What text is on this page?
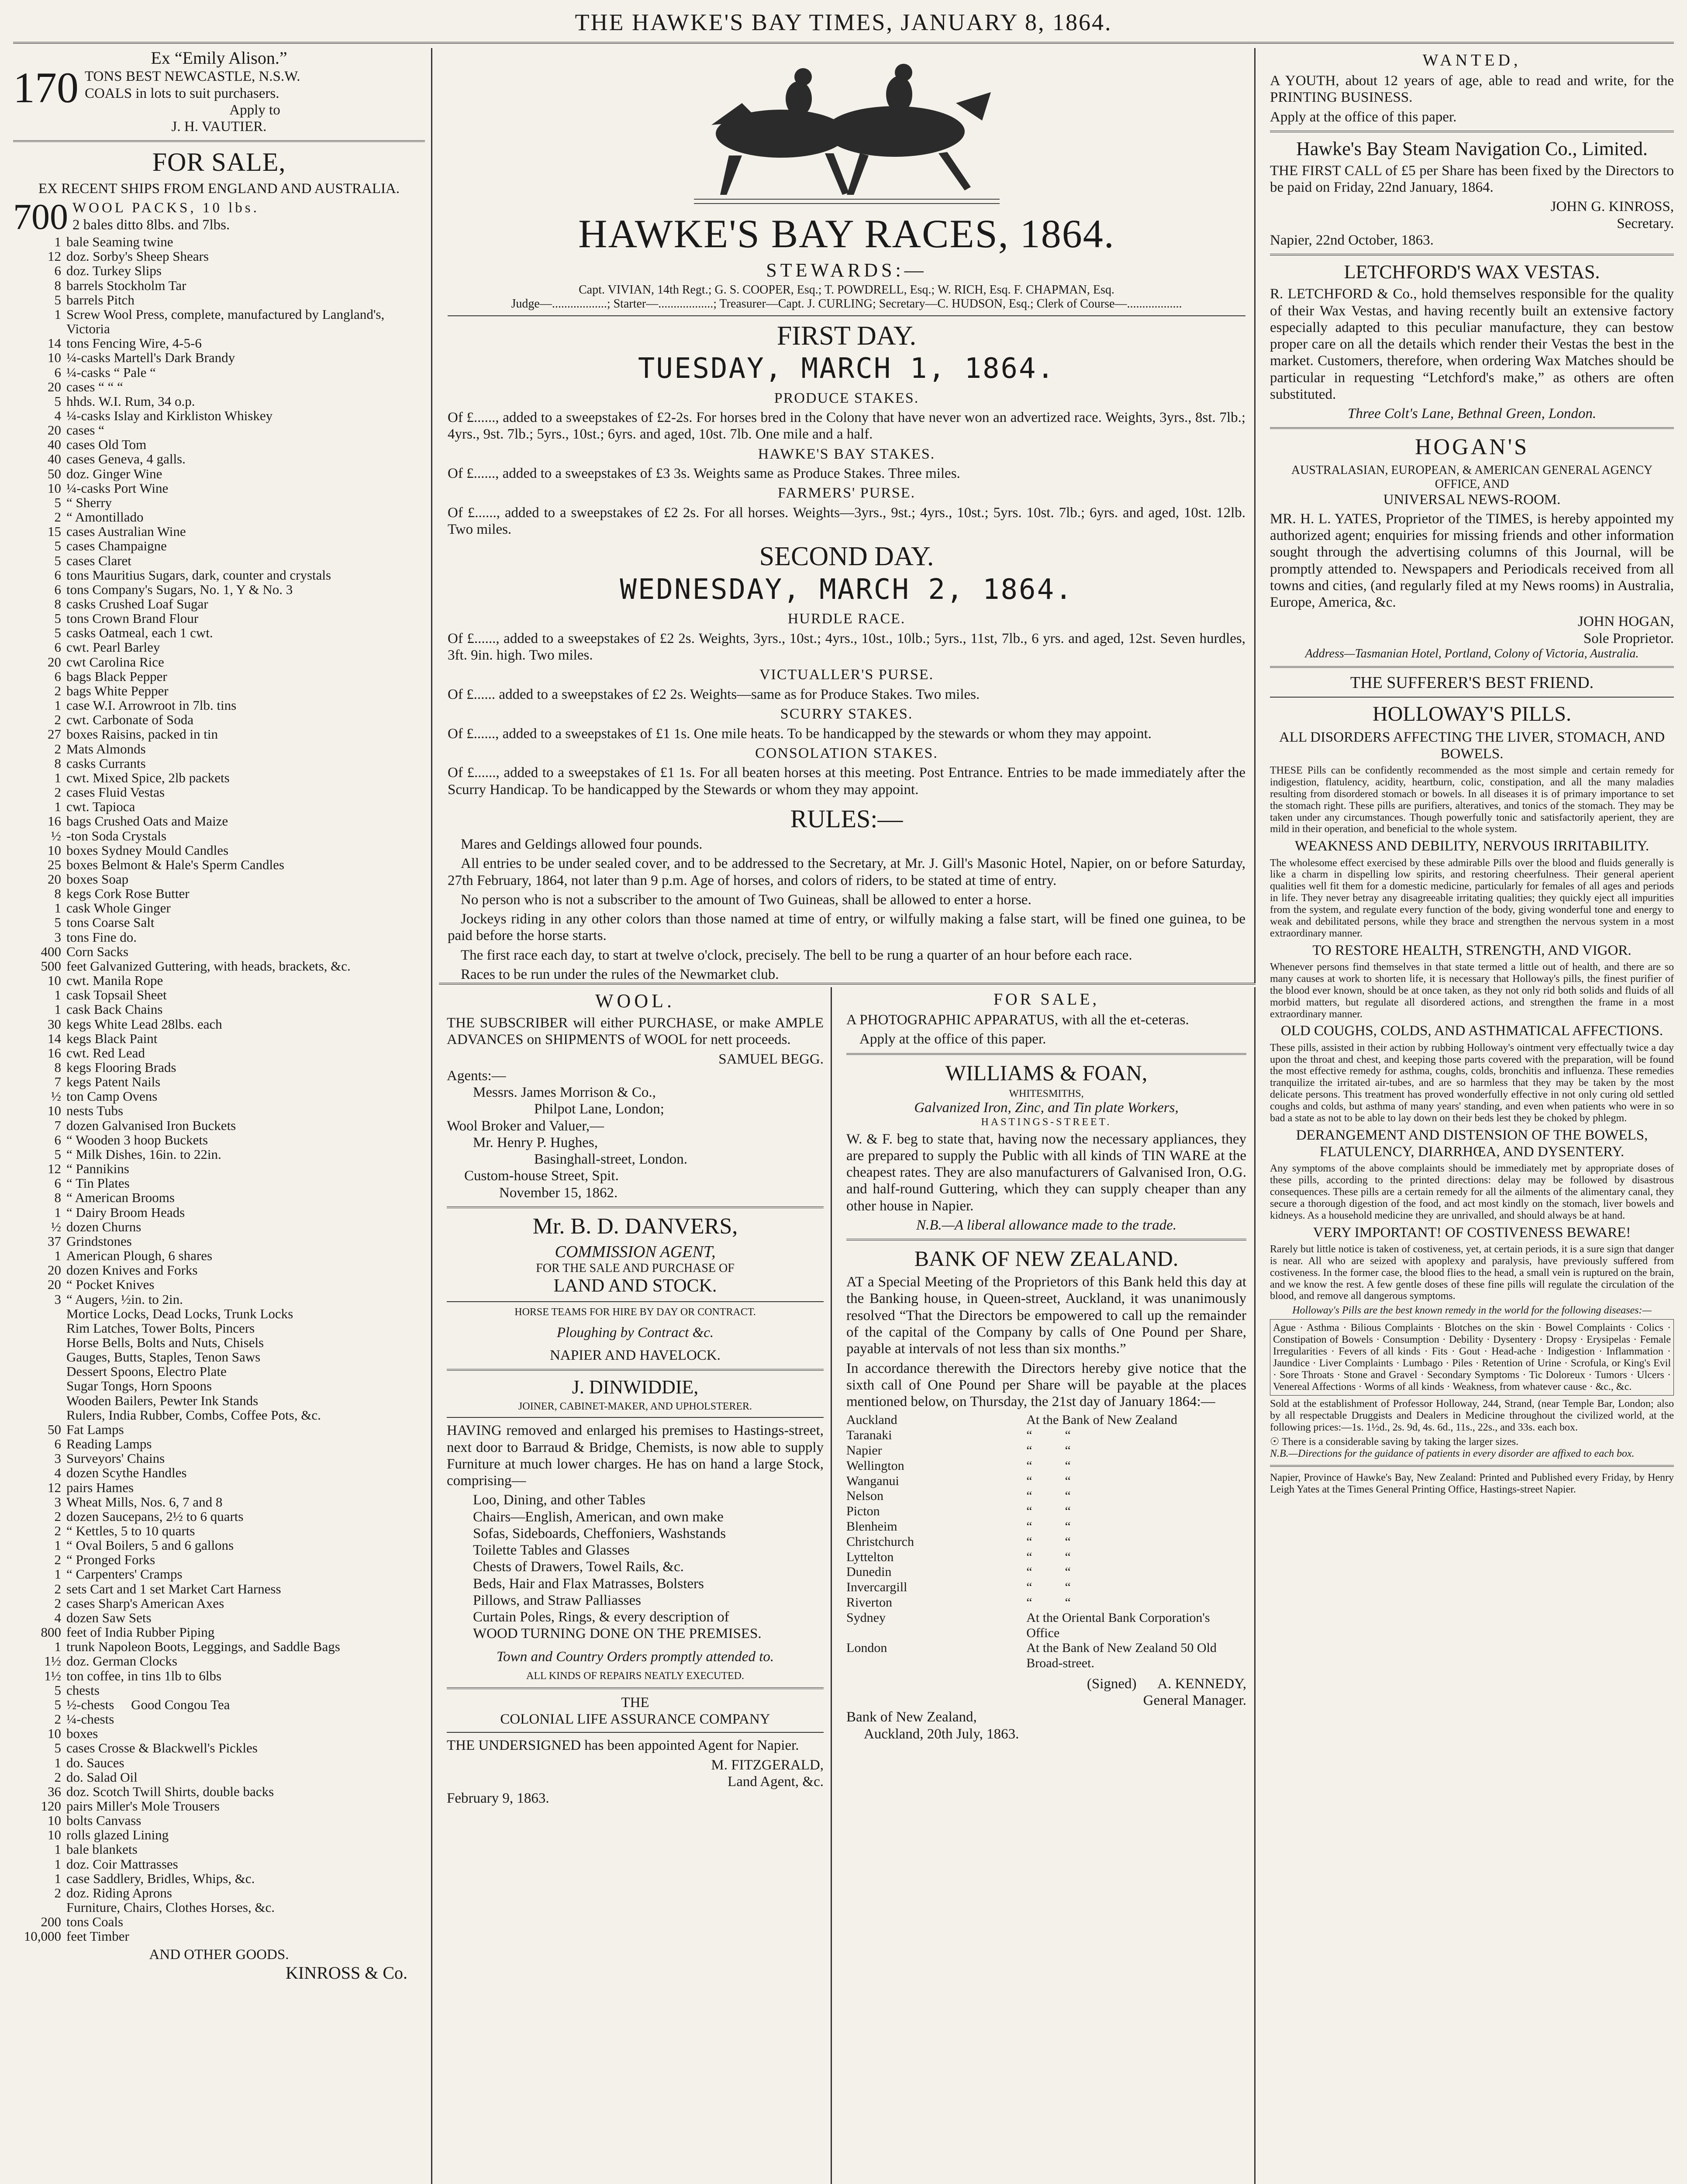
THE HAWKE'S BAY TIMES, JANUARY 8, 1864.
Ex “Emily Alison.”
170 TONS BEST NEWCASTLE, N.S.W.
COALS in lots to suit purchasers.
Apply to
J. H. VAUTIER.
FOR SALE,
EX RECENT SHIPS FROM ENGLAND AND AUSTRALIA.
700 WOOL PACKS, 10 lbs.
2 bales ditto 8lbs. and 7lbs.
1 bale Seaming twine
12 doz. Sorby's Sheep Shears
6 doz. Turkey Slips
8 barrels Stockholm Tar
5 barrels Pitch
1 Screw Wool Press, complete, manufactured by Langland's, Victoria
14 tons Fencing Wire, 4-5-6
10 ¼-casks Martell's Dark Brandy
6 ¼-casks “ Pale “
20 cases “ “ “
5 hhds. W.I. Rum, 34 o.p.
4 ¼-casks Islay and Kirkliston Whiskey
20 cases “
40 cases Old Tom
40 cases Geneva, 4 galls.
50 doz. Ginger Wine
10 ¼-casks Port Wine
5 “ Sherry
2 “ Amontillado
15 cases Australian Wine
5 cases Champaigne
5 cases Claret
6 tons Mauritius Sugars, dark, counter and crystals
6 tons Company's Sugars, No. 1, Y & No. 3
8 casks Crushed Loaf Sugar
5 tons Crown Brand Flour
5 casks Oatmeal, each 1 cwt.
6 cwt. Pearl Barley
20 cwt Carolina Rice
6 bags Black Pepper
2 bags White Pepper
1 case W.I. Arrowroot in 7lb. tins
2 cwt. Carbonate of Soda
27 boxes Raisins, packed in tin
2 Mats Almonds
8 casks Currants
1 cwt. Mixed Spice, 2lb packets
2 cases Fluid Vestas
1 cwt. Tapioca
16 bags Crushed Oats and Maize
½ -ton Soda Crystals
10 boxes Sydney Mould Candles
25 boxes Belmont & Hale's Sperm Candles
20 boxes Soap
8 kegs Cork Rose Butter
1 cask Whole Ginger
5 tons Coarse Salt
3 tons Fine do.
400 Corn Sacks
500 feet Galvanized Guttering, with heads, brackets, &c.
10 cwt. Manila Rope
1 cask Topsail Sheet
1 cask Back Chains
30 kegs White Lead 28lbs. each
14 kegs Black Paint
16 cwt. Red Lead
8 kegs Flooring Brads
7 kegs Patent Nails
½ ton Camp Ovens
10 nests Tubs
7 dozen Galvanised Iron Buckets
6 “ Wooden 3 hoop Buckets
5 “ Milk Dishes, 16in. to 22in.
12 “ Pannikins
6 “ Tin Plates
8 “ American Brooms
1 “ Dairy Broom Heads
½ dozen Churns
37 Grindstones
1 American Plough, 6 shares
20 dozen Knives and Forks
20 “ Pocket Knives
3 “ Augers, ½in. to 2in.
Mortice Locks, Dead Locks, Trunk Locks
Rim Latches, Tower Bolts, Pincers
Horse Bells, Bolts and Nuts, Chisels
Gauges, Butts, Staples, Tenon Saws
Dessert Spoons, Electro Plate
Sugar Tongs, Horn Spoons
Wooden Bailers, Pewter Ink Stands
Rulers, India Rubber, Combs, Coffee Pots, &c.
50 Fat Lamps
6 Reading Lamps
3 Surveyors' Chains
4 dozen Scythe Handles
12 pairs Hames
3 Wheat Mills, Nos. 6, 7 and 8
2 dozen Saucepans, 2½ to 6 quarts
2 “ Kettles, 5 to 10 quarts
1 “ Oval Boilers, 5 and 6 gallons
2 “ Pronged Forks
1 “ Carpenters' Cramps
2 sets Cart and 1 set Market Cart Harness
2 cases Sharp's American Axes
4 dozen Saw Sets
800 feet of India Rubber Piping
1 trunk Napoleon Boots, Leggings, and Saddle Bags
1½ doz. German Clocks
1½ ton coffee, in tins 1lb to 6lbs
5 chests
5 ½-chests  Good Congou Tea
2 ¼-chests
10 boxes
5 cases Crosse & Blackwell's Pickles
1 do. Sauces
2 do. Salad Oil
36 doz. Scotch Twill Shirts, double backs
120 pairs Miller's Mole Trousers
10 bolts Canvass
10 rolls glazed Lining
1 bale blankets
1 doz. Coir Mattrasses
1 case Saddlery, Bridles, Whips, &c.
2 doz. Riding Aprons
Furniture, Chairs, Clothes Horses, &c.
200 tons Coals
10,000 feet Timber
AND OTHER GOODS.
KINROSS & Co.
HAWKE'S BAY RACES, 1864.
STEWARDS:—
Capt. VIVIAN, 14th Regt.; G. S. COOPER, Esq.; T. POWDRELL, Esq.; W. RICH, Esq. F. CHAPMAN, Esq.
Judge—..................; Starter—..................; Treasurer—Capt. J. CURLING; Secretary—C. HUDSON, Esq.; Clerk of Course—..................
FIRST DAY.
TUESDAY, MARCH 1, 1864.
PRODUCE STAKES.
Of £......, added to a sweepstakes of £2-2s. For horses bred in the Colony that have never won an advertized race. Weights, 3yrs., 8st. 7lb.; 4yrs., 9st. 7lb.; 5yrs., 10st.; 6yrs. and aged, 10st. 7lb. One mile and a half.
HAWKE'S BAY STAKES.
Of £......, added to a sweepstakes of £3 3s. Weights same as Produce Stakes. Three miles.
FARMERS' PURSE.
Of £......, added to a sweepstakes of £2 2s. For all horses. Weights—3yrs., 9st.; 4yrs., 10st.; 5yrs. 10st. 7lb.; 6yrs. and aged, 10st. 12lb. Two miles.
SECOND DAY.
WEDNESDAY, MARCH 2, 1864.
HURDLE RACE.
Of £......, added to a sweepstakes of £2 2s. Weights, 3yrs., 10st.; 4yrs., 10st., 10lb.; 5yrs., 11st, 7lb., 6 yrs. and aged, 12st. Seven hurdles, 3ft. 9in. high. Two miles.
VICTUALLER'S PURSE.
Of £...... added to a sweepstakes of £2 2s. Weights—same as for Produce Stakes. Two miles.
SCURRY STAKES.
Of £......, added to a sweepstakes of £1 1s. One mile heats. To be handicapped by the stewards or whom they may appoint.
CONSOLATION STAKES.
Of £......, added to a sweepstakes of £1 1s. For all beaten horses at this meeting. Post Entrance. Entries to be made immediately after the Scurry Handicap. To be handicapped by the Stewards or whom they may appoint.
RULES:—
Mares and Geldings allowed four pounds.
All entries to be under sealed cover, and to be addressed to the Secretary, at Mr. J. Gill's Masonic Hotel, Napier, on or before Saturday, 27th February, 1864, not later than 9 p.m. Age of horses, and colors of riders, to be stated at time of entry.
No person who is not a subscriber to the amount of Two Guineas, shall be allowed to enter a horse.
Jockeys riding in any other colors than those named at time of entry, or wilfully making a false start, will be fined one guinea, to be paid before the horse starts.
The first race each day, to start at twelve o'clock, precisely. The bell to be rung a quarter of an hour before each race.
Races to be run under the rules of the Newmarket club.
WOOL.
THE SUBSCRIBER will either PURCHASE, or make AMPLE ADVANCES on SHIPMENTS of WOOL for nett proceeds.
SAMUEL BEGG.
Agents:—
Messrs. James Morrison & Co.,
Philpot Lane, London;
Wool Broker and Valuer,—
Mr. Henry P. Hughes,
Basinghall-street, London.
Custom-house Street, Spit.
November 15, 1862.
Mr. B. D. DANVERS,
COMMISSION AGENT,
FOR THE SALE AND PURCHASE OF
LAND AND STOCK.
HORSE TEAMS FOR HIRE BY DAY OR CONTRACT.
Ploughing by Contract &c.
NAPIER AND HAVELOCK.
J. DINWIDDIE,
JOINER, CABINET-MAKER, AND UPHOLSTERER.
HAVING removed and enlarged his premises to Hastings-street, next door to Barraud & Bridge, Chemists, is now able to supply Furniture at much lower charges. He has on hand a large Stock, comprising—
Loo, Dining, and other Tables
Chairs—English, American, and own make
Sofas, Sideboards, Cheffoniers, Washstands
Toilette Tables and Glasses
Chests of Drawers, Towel Rails, &c.
Beds, Hair and Flax Matrasses, Bolsters
Pillows, and Straw Palliasses
Curtain Poles, Rings, & every description of
WOOD TURNING DONE ON THE PREMISES.
Town and Country Orders promptly attended to.
ALL KINDS OF REPAIRS NEATLY EXECUTED.
THE
COLONIAL LIFE ASSURANCE COMPANY
THE UNDERSIGNED has been appointed Agent for Napier.
M. FITZGERALD,
Land Agent, &c.
February 9, 1863.
FOR SALE,
A PHOTOGRAPHIC APPARATUS, with all the et-ceteras.
Apply at the office of this paper.
WILLIAMS & FOAN,
WHITESMITHS,
Galvanized Iron, Zinc, and Tin plate Workers,
HASTINGS-STREET.
W. & F. beg to state that, having now the necessary appliances, they are prepared to supply the Public with all kinds of TIN WARE at the cheapest rates. They are also manufacturers of Galvanised Iron, O.G. and half-round Guttering, which they can supply cheaper than any other house in Napier.
N.B.—A liberal allowance made to the trade.
BANK OF NEW ZEALAND.
AT a Special Meeting of the Proprietors of this Bank held this day at the Banking house, in Queen-street, Auckland, it was unanimously resolved “That the Directors be empowered to call up the remainder of the capital of the Company by calls of One Pound per Share, payable at intervals of not less than six months.”
In accordance therewith the Directors hereby give notice that the sixth call of One Pound per Share will be payable at the places mentioned below, on Thursday, the 21st day of January 1864:—
Auckland	At the Bank of New Zealand
Taranaki	“    “
Napier	“    “
Wellington	“    “
Wanganui	“    “
Nelson	“    “
Picton	“    “
Blenheim	“    “
Christchurch	“    “
Lyttelton	“    “
Dunedin	“    “
Invercargill	“    “
Riverton	“    “
Sydney	At the Oriental Bank Corporation's Office
London	At the Bank of New Zealand 50 Old Broad-street.
(Signed)   A. KENNEDY,
General Manager.
Bank of New Zealand,
Auckland, 20th July, 1863.
WANTED,
A YOUTH, about 12 years of age, able to read and write, for the PRINTING BUSINESS.
Apply at the office of this paper.
Hawke's Bay Steam Navigation Co., Limited.
THE FIRST CALL of £5 per Share has been fixed by the Directors to be paid on Friday, 22nd January, 1864.
JOHN G. KINROSS,
Secretary.
Napier, 22nd October, 1863.
LETCHFORD'S WAX VESTAS.
R. LETCHFORD & Co., hold themselves responsible for the quality of their Wax Vestas, and having recently built an extensive factory especially adapted to this peculiar manufacture, they can bestow proper care on all the details which render their Vestas the best in the market. Customers, therefore, when ordering Wax Matches should be particular in requesting “Letchford's make,” as others are often substituted.
Three Colt's Lane, Bethnal Green, London.
HOGAN'S
AUSTRALASIAN, EUROPEAN, & AMERICAN GENERAL AGENCY OFFICE, AND
UNIVERSAL NEWS-ROOM.
MR. H. L. YATES, Proprietor of the TIMES, is hereby appointed my authorized agent; enquiries for missing friends and other information sought through the advertising columns of this Journal, will be promptly attended to. Newspapers and Periodicals received from all towns and cities, (and regularly filed at my News rooms) in Australia, Europe, America, &c.
JOHN HOGAN,
Sole Proprietor.
Address—Tasmanian Hotel, Portland, Colony of Victoria, Australia.
THE SUFFERER'S BEST FRIEND.
HOLLOWAY'S PILLS.
ALL DISORDERS AFFECTING THE LIVER, STOMACH, AND BOWELS.
THESE Pills can be confidently recommended as the most simple and certain remedy for indigestion, flatulency, acidity, heartburn, colic, constipation, and all the many maladies resulting from disordered stomach or bowels. In all diseases it is of primary importance to set the stomach right. These pills are purifiers, alteratives, and tonics of the stomach. They may be taken under any circumstances. Though powerfully tonic and satisfactorily aperient, they are mild in their operation, and beneficial to the whole system.
WEAKNESS AND DEBILITY, NERVOUS IRRITABILITY.
The wholesome effect exercised by these admirable Pills over the blood and fluids generally is like a charm in dispelling low spirits, and restoring cheerfulness. Their general aperient qualities well fit them for a domestic medicine, particularly for females of all ages and periods in life. They never betray any disagreeable irritating qualities; they quickly eject all impurities from the system, and regulate every function of the body, giving wonderful tone and energy to weak and debilitated persons, while they brace and strengthen the nervous system in a most extraordinary manner.
TO RESTORE HEALTH, STRENGTH, AND VIGOR.
Whenever persons find themselves in that state termed a little out of health, and there are so many causes at work to shorten life, it is necessary that Holloway's pills, the finest purifier of the blood ever known, should be at once taken, as they not only rid both solids and fluids of all morbid matters, but regulate all disordered actions, and strengthen the frame in a most extraordinary manner.
OLD COUGHS, COLDS, AND ASTHMATICAL AFFECTIONS.
These pills, assisted in their action by rubbing Holloway's ointment very effectually twice a day upon the throat and chest, and keeping those parts covered with the preparation, will be found the most effective remedy for asthma, coughs, colds, bronchitis and influenza. These remedies tranquilize the irritated air-tubes, and are so harmless that they may be taken by the most delicate persons. This treatment has proved wonderfully effective in not only curing old settled coughs and colds, but asthma of many years' standing, and even when patients who were in so bad a state as not to be able to lay down on their beds lest they be choked by phlegm.
DERANGEMENT AND DISTENSION OF THE BOWELS, FLATULENCY, DIARRHŒA, AND DYSENTERY.
Any symptoms of the above complaints should be immediately met by appropriate doses of these pills, according to the printed directions: delay may be followed by disastrous consequences. These pills are a certain remedy for all the ailments of the alimentary canal, they secure a thorough digestion of the food, and act most kindly on the stomach, liver bowels and kidneys. As a household medicine they are unrivalled, and should always be at hand.
VERY IMPORTANT! OF COSTIVENESS BEWARE!
Rarely but little notice is taken of costiveness, yet, at certain periods, it is a sure sign that danger is near. All who are seized with apoplexy and paralysis, have previously suffered from costiveness. In the former case, the blood flies to the head, a small vein is ruptured on the brain, and we know the rest. A few gentle doses of these fine pills will regulate the circulation of the blood, and remove all dangerous symptoms.
Holloway's Pills are the best known remedy in the world for the following diseases:—
Ague · Asthma · Bilious Complaints · Blotches on the skin · Bowel Complaints · Colics · Constipation of Bowels · Consumption · Debility · Dysentery · Dropsy · Erysipelas · Female Irregularities · Fevers of all kinds · Fits · Gout · Head-ache · Indigestion · Inflammation · Jaundice · Liver Complaints · Lumbago · Piles · Retention of Urine · Scrofula, or King's Evil · Sore Throats · Stone and Gravel · Secondary Symptoms · Tic Doloreux · Tumors · Ulcers · Venereal Affections · Worms of all kinds · Weakness, from whatever cause · &c., &c.
Sold at the establishment of Professor Holloway, 244, Strand, (near Temple Bar, London; also by all respectable Druggists and Dealers in Medicine throughout the civilized world, at the following prices:—1s. 1½d., 2s. 9d, 4s. 6d., 11s., 22s., and 33s. each box.
☉ There is a considerable saving by taking the larger sizes.
N.B.—Directions for the guidance of patients in every disorder are affixed to each box.
Napier, Province of Hawke's Bay, New Zealand: Printed and Published every Friday, by Henry Leigh Yates at the Times General Printing Office, Hastings-street Napier.
